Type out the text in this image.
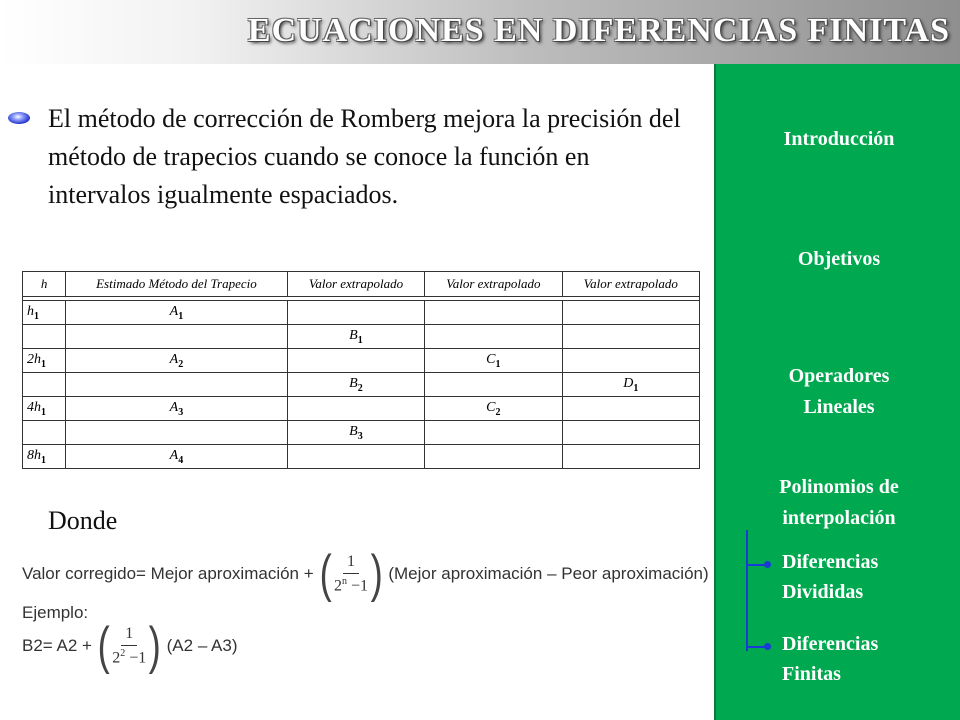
ECUACIONES EN DIFERENCIAS FINITAS
El método de corrección de Romberg mejora la precisión del método de trapecios cuando se conoce la función en intervalos igualmente espaciados.
h	Estimado Método del Trapecio	Valor extrapolado	Valor extrapolado	Valor extrapolado

$h_1$	$A_1$			
		$B_1$		
$2h_1$	$A_2$		$C_1$	
		$B_2$		$D_1$
$4h_1$	$A_3$		$C_2$	
		$B_3$		
$8h_1$	$A_4$			
Donde
Valor corregido= Mejor aproximación + ( $\frac{1}{2^n -1}$ ) (Mejor aproximación – Peor aproximación)
Ejemplo:
B2= A2 + ( $\frac{1}{2^2 -1}$ ) (A2 – A3)
Introducción
Objetivos
Operadores
Lineales
Polinomios de
interpolación
Diferencias
Divididas
Diferencias
Finitas
